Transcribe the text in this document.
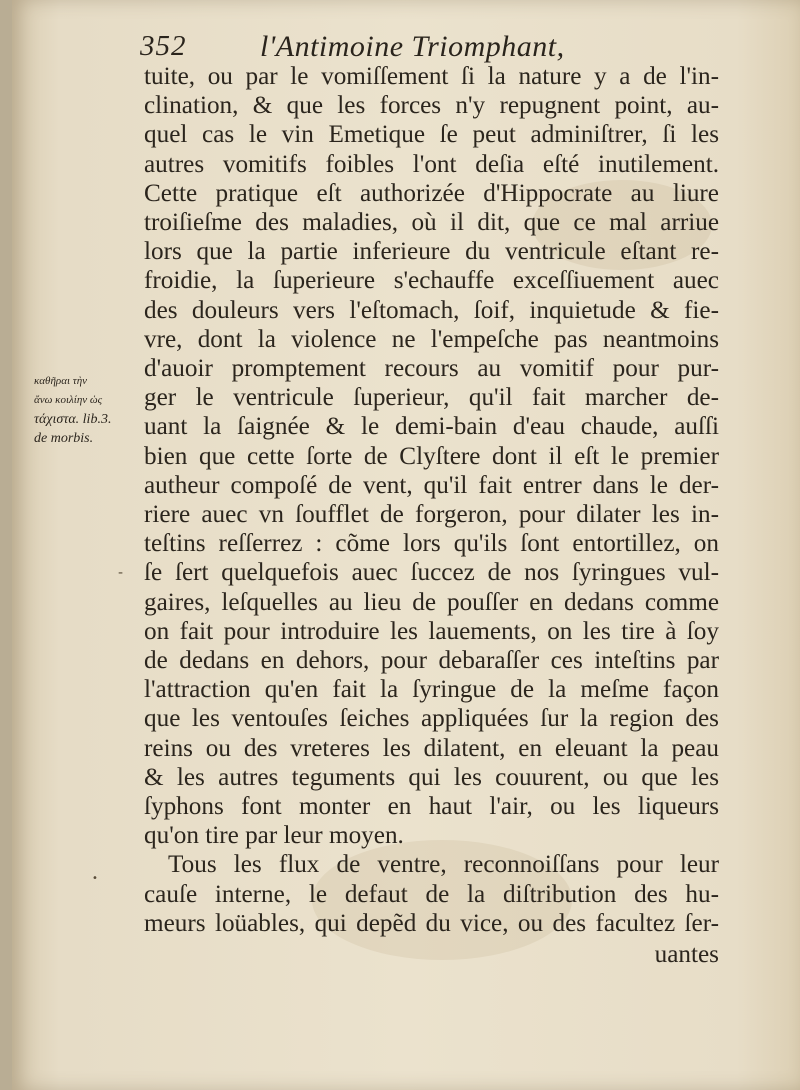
352 l'Antimoine Triomphant,
καθῆραι τὴν
ἄνω κοιλίην ὡς
τάχιστα. lib.3.
de morbis.
-
•
tuite, ou par le vomiſſement ſi la nature y a de l'in-
clination, & que les forces n'y repugnent point, au-
quel cas le vin Emetique ſe peut adminiſtrer, ſi les
autres vomitifs foibles l'ont deſia eſté inutilement.
Cette pratique eſt authorizée d'Hippocrate au liure
troiſieſme des maladies, où il dit, que ce mal arriue
lors que la partie inferieure du ventricule eſtant re-
froidie, la ſuperieure s'echauffe exceſſiuement auec
des douleurs vers l'eſtomach, ſoif, inquietude & fie-
vre, dont la violence ne l'empeſche pas neantmoins
d'auoir promptement recours au vomitif pour pur-
ger le ventricule ſuperieur, qu'il fait marcher de-
uant la ſaignée & le demi-bain d'eau chaude, auſſi
bien que cette ſorte de Clyſtere dont il eſt le premier
autheur compoſé de vent, qu'il fait entrer dans le der-
riere auec vn ſoufflet de forgeron, pour dilater les in-
teſtins reſſerrez : cõme lors qu'ils ſont entortillez, on
ſe ſert quelquefois auec ſuccez de nos ſyringues vul-
gaires, leſquelles au lieu de pouſſer en dedans comme
on fait pour introduire les lauements, on les tire à ſoy
de dedans en dehors, pour debaraſſer ces inteſtins par
l'attraction qu'en fait la ſyringue de la meſme façon
que les ventouſes ſeiches appliquées ſur la region des
reins ou des vreteres les dilatent, en eleuant la peau
& les autres teguments qui les couurent, ou que les
ſyphons font monter en haut l'air, ou les liqueurs
qu'on tire par leur moyen.
Tous les flux de ventre, reconnoiſſans pour leur
cauſe interne, le defaut de la diſtribution des hu-
meurs loüables, qui depẽd du vice, ou des facultez ſer-
uantes
